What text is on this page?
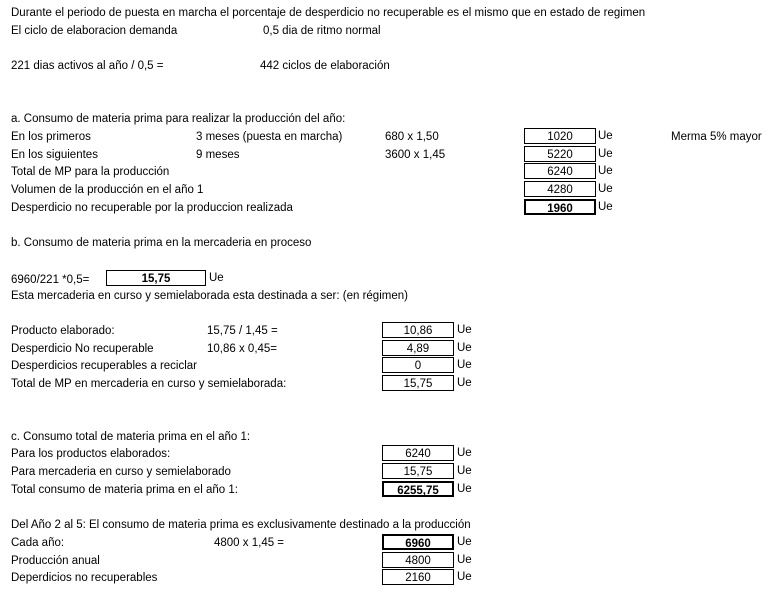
Durante el periodo de puesta en marcha el porcentaje de desperdicio no recuperable es el mismo que en estado de regimen
El ciclo de elaboracion demanda	0,5 dia de ritmo normal
221 dias activos al año / 0,5 =	442 ciclos de elaboración
a. Consumo de materia prima para realizar la producción del año:
En los primeros	3 meses (puesta en marcha)	680 x 1,50	1020	Ue	Merma 5% mayor
En los siguientes	9 meses	3600 x 1,45	5220	Ue
Total de MP para la producción	6240	Ue
Volumen de la producción en el año 1	4280	Ue
Desperdicio no recuperable por la produccion realizada	1960	Ue
b. Consumo de materia prima en la mercaderia en proceso
6960/221 *0,5=	15,75	Ue
Esta mercaderia en curso y semielaborada esta destinada a ser: (en régimen)
Producto elaborado:	15,75 / 1,45 =	10,86	Ue
Desperdicio No recuperable	10,86 x 0,45=	4,89	Ue
Desperdicios recuperables a reciclar	0	Ue
Total de MP en mercaderia en curso y semielaborada:	15,75	Ue
c. Consumo total de materia prima en el año 1:
Para los productos elaborados:	6240	Ue
Para mercaderia en curso y semielaborado	15,75	Ue
Total consumo de materia prima en el año 1:	6255,75	Ue
Del Año 2 al 5: El consumo de materia prima es exclusivamente destinado a la producción
Cada año:	4800 x 1,45 =	6960	Ue
Producción anual	4800	Ue
Deperdicios no recuperables	2160	Ue
